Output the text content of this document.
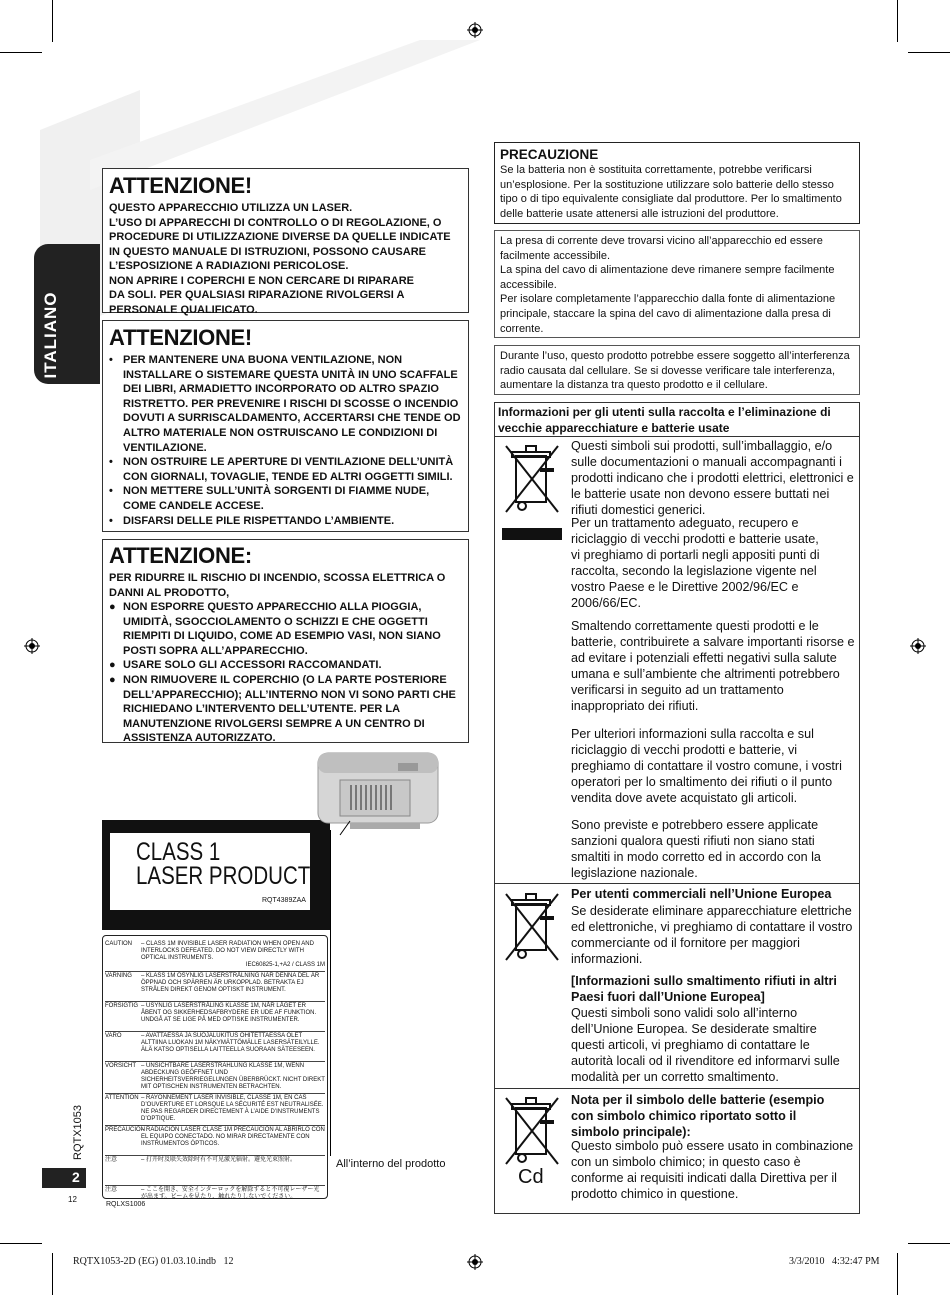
ITALIANO
RQTX1053
2
12
ATTENZIONE!
QUESTO APPARECCHIO UTILIZZA UN LASER.
L’USO DI APPARECCHI DI CONTROLLO O DI REGOLAZIONE, O
PROCEDURE DI UTILIZZAZIONE DIVERSE DA QUELLE INDICATE
IN QUESTO MANUALE DI ISTRUZIONI, POSSONO CAUSARE
L’ESPOSIZIONE A RADIAZIONI PERICOLOSE.
NON APRIRE I COPERCHI E NON CERCARE DI RIPARARE
DA SOLI. PER QUALSIASI RIPARAZIONE RIVOLGERSI A
PERSONALE QUALIFICATO.
ATTENZIONE!
• PER MANTENERE UNA BUONA VENTILAZIONE, NON INSTALLARE O SISTEMARE QUESTA UNITÀ IN UNO SCAFFALE DEI LIBRI, ARMADIETTO INCORPORATO OD ALTRO SPAZIO RISTRETTO. PER PREVENIRE I RISCHI DI SCOSSE O INCENDIO DOVUTI A SURRISCALDAMENTO, ACCERTARSI CHE TENDE OD ALTRO MATERIALE NON OSTRUISCANO LE CONDIZIONI DI VENTILAZIONE.
• NON OSTRUIRE LE APERTURE DI VENTILAZIONE DELL’UNITÀ CON GIORNALI, TOVAGLIE, TENDE ED ALTRI OGGETTI SIMILI.
• NON METTERE SULL’UNITÀ SORGENTI DI FIAMME NUDE, COME CANDELE ACCESE.
• DISFARSI DELLE PILE RISPETTANDO L’AMBIENTE.
ATTENZIONE:
PER RIDURRE IL RISCHIO DI INCENDIO, SCOSSA ELETTRICA O DANNI AL PRODOTTO,
● NON ESPORRE QUESTO APPARECCHIO ALLA PIOGGIA, UMIDITÀ, SGOCCIOLAMENTO O SCHIZZI E CHE OGGETTI RIEMPITI DI LIQUIDO, COME AD ESEMPIO VASI, NON SIANO POSTI SOPRA ALL’APPARECCHIO.
● USARE SOLO GLI ACCESSORI RACCOMANDATI.
● NON RIMUOVERE IL COPERCHIO (O LA PARTE POSTERIORE DELL’APPARECCHIO); ALL’INTERNO NON VI SONO PARTI CHE RICHIEDANO L’INTERVENTO DELL’UTENTE. PER LA MANUTENZIONE RIVOLGERSI SEMPRE A UN CENTRO DI ASSISTENZA AUTORIZZATO.
CLASS 1
LASER PRODUCT
RQT4389ZAA
CAUTION	– CLASS 1M INVISIBLE LASER RADIATION WHEN OPEN AND INTERLOCKS DEFEATED. DO NOT VIEW DIRECTLY WITH OPTICAL INSTRUMENTS.
IEC60825-1,+A2 / CLASS 1M
VARNING	– KLASS 1M OSYNLIG LASERSTRÅLNING NÄR DENNA DEL ÄR ÖPPNAD OCH SPÄRREN ÄR URKOPPLAD. BETRAKTA EJ STRÅLEN DIREKT GENOM OPTISKT INSTRUMENT.
FORSIGTIG – USYNLIG LASERSTRÅLING KLASSE 1M, NÅR LÅGET ER ÅBENT OG SIKKERHEDSAFBRYDERE ER UDE AF FUNKTION. UNDGÅ AT SE LIGE PÅ MED OPTISKE INSTRUMENTER.
VARO	– AVATTAESSA JA SUOJALUKITUS OHITETTAESSA OLET ALTTIINA LUOKAN 1M NÄKYMÄTTÖMÄLLE LASERSÄTEILYLLE. ÄLÄ KATSO OPTISELLA LAITTEELLA SUORAAN SÄTEESEEN.
VORSICHT – UNSICHTBARE LASERSTRAHLUNG KLASSE 1M, WENN ABDECKUNG GEÖFFNET UND SICHERHEITSVERRIEGELUNGEN ÜBERBRÜCKT. NICHT DIREKT MIT OPTISCHEN INSTRUMENTEN BETRACHTEN.
ATTENTION – RAYONNEMENT LASER INVISIBLE, CLASSE 1M, EN CAS D’OUVERTURE ET LORSQUE LA SÉCURITÉ EST NEUTRALISÉE. NE PAS REGARDER DIRECTEMENT À L’AIDE D’INSTRUMENTS D’OPTIQUE.
PRECAUCIÓN
– RADIACIÓN LASER CLASE 1M PRECAUCIÓN AL ABRIRLO CON EL EQUIPO CONECTADO. NO MIRAR DIRECTAMENTE CON INSTRUMENTOS ÓPTICOS.
注意	– 打开时及联失效除时有不可见激光辐射。避免光束照射。
注意	– ここを開き、安全インターロックを解除すると不可視レーザー光が出ます。ビームを見たり、触れたりしないでください。
RQLXS1006
All’interno del prodotto
PRECAUZIONE
Se la batteria non è sostituita correttamente, potrebbe verificarsi un’esplosione. Per la sostituzione utilizzare solo batterie dello stesso tipo o di tipo equivalente consigliate dal produttore. Per lo smaltimento delle batterie usate attenersi alle istruzioni del produttore.
La presa di corrente deve trovarsi vicino all’apparecchio ed essere facilmente accessibile.
La spina del cavo di alimentazione deve rimanere sempre facilmente accessibile.
Per isolare completamente l’apparecchio dalla fonte di alimentazione principale, staccare la spina del cavo di alimentazione dalla presa di corrente.
Durante l’uso, questo prodotto potrebbe essere soggetto all’interferenza radio causata dal cellulare. Se si dovesse verificare tale interferenza, aumentare la distanza tra questo prodotto e il cellulare.
Informazioni per gli utenti sulla raccolta e l’eliminazione di vecchie apparecchiature e batterie usate
Questi simboli sui prodotti, sull’imballaggio, e/o sulle documentazioni o manuali accompagnanti i prodotti indicano che i prodotti elettrici, elettronici e le batterie usate non devono essere buttati nei rifiuti domestici generici.
Per un trattamento adeguato, recupero e riciclaggio di vecchi prodotti e batterie usate, vi preghiamo di portarli negli appositi punti di raccolta, secondo la legislazione vigente nel vostro Paese e le Direttive 2002/96/EC e 2006/66/EC.
Smaltendo correttamente questi prodotti e le batterie, contribuirete a salvare importanti risorse e ad evitare i potenziali effetti negativi sulla salute umana e sull’ambiente che altrimenti potrebbero verificarsi in seguito ad un trattamento inappropriato dei rifiuti.
Per ulteriori informazioni sulla raccolta e sul riciclaggio di vecchi prodotti e batterie, vi preghiamo di contattare il vostro comune, i vostri operatori per lo smaltimento dei rifiuti o il punto vendita dove avete acquistato gli articoli.
Sono previste e potrebbero essere applicate sanzioni qualora questi rifiuti non siano stati smaltiti in modo corretto ed in accordo con la legislazione nazionale.
Per utenti commerciali nell’Unione Europea
Se desiderate eliminare apparecchiature elettriche ed elettroniche, vi preghiamo di contattare il vostro commerciante od il fornitore per maggiori informazioni.
[Informazioni sullo smaltimento rifiuti in altri Paesi fuori dall’Unione Europea]
Questi simboli sono validi solo all’interno dell’Unione Europea. Se desiderate smaltire questi articoli, vi preghiamo di contattare le autorità locali od il rivenditore ed informarvi sulle modalità per un corretto smaltimento.
Cd
Nota per il simbolo delle batterie (esempio con simbolo chimico riportato sotto il simbolo principale):
Questo simbolo può essere usato in combinazione con un simbolo chimico; in questo caso è conforme ai requisiti indicati dalla Direttiva per il prodotto chimico in questione.
RQTX1053-2D (EG) 01.03.10.indb   12	3/3/2010   4:32:47 PM
